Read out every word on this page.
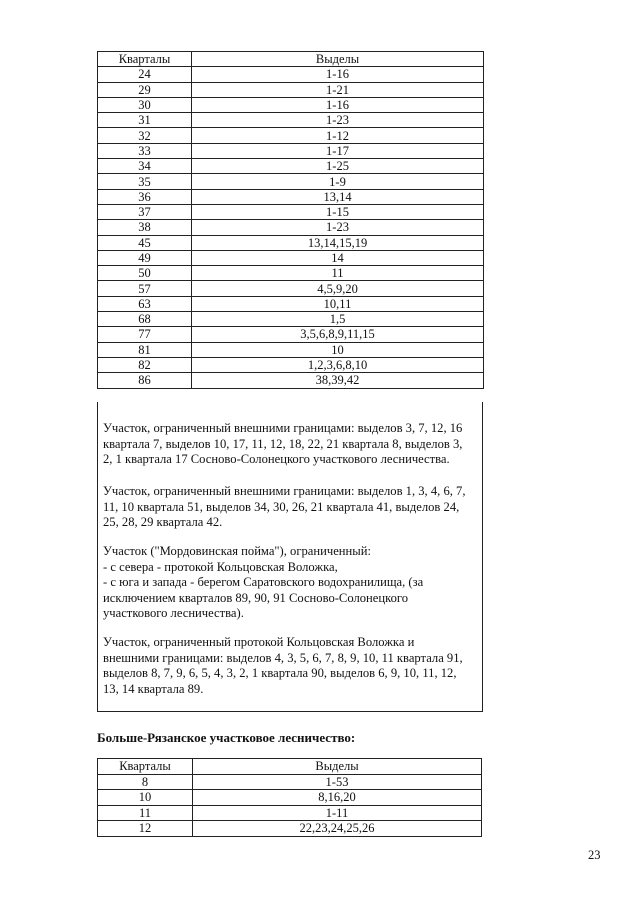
Кварталы	Выделы
24	1-16
29	1-21
30	1-16
31	1-23
32	1-12
33	1-17
34	1-25
35	1-9
36	13,14
37	1-15
38	1-23
45	13,14,15,19
49	14
50	11
57	4,5,9,20
63	10,11
68	1,5
77	3,5,6,8,9,11,15
81	10
82	1,2,3,6,8,10
86	38,39,42

Участок, ограниченный внешними границами: выделов 3, 7, 12, 16
квартала 7, выделов 10, 17, 11, 12, 18, 22, 21 квартала 8, выделов 3,
2, 1 квартала 17 Сосново-Солонецкого участкового лесничества.

Участок, ограниченный внешними границами: выделов 1, 3, 4, 6, 7,
11, 10 квартала 51, выделов 34, 30, 26, 21 квартала 41, выделов 24,
25, 28, 29 квартала 42.

Участок ("Мордовинская пойма"), ограниченный:
- с севера - протокой Кольцовская Воложка,
- с юга и запада - берегом Саратовского водохранилища, (за
исключением кварталов 89, 90, 91 Сосново-Солонецкого
участкового лесничества).

Участок, ограниченный протокой Кольцовская Воложка и
внешними границами: выделов 4, 3, 5, 6, 7, 8, 9, 10, 11 квартала 91,
выделов 8, 7, 9, 6, 5, 4, 3, 2, 1 квартала 90, выделов 6, 9, 10, 11, 12,
13, 14 квартала 89.

Больше-Рязанское участковое лесничество:
Кварталы	Выделы
8	1-53
10	8,16,20
11	1-11
12	22,23,24,25,26
23
